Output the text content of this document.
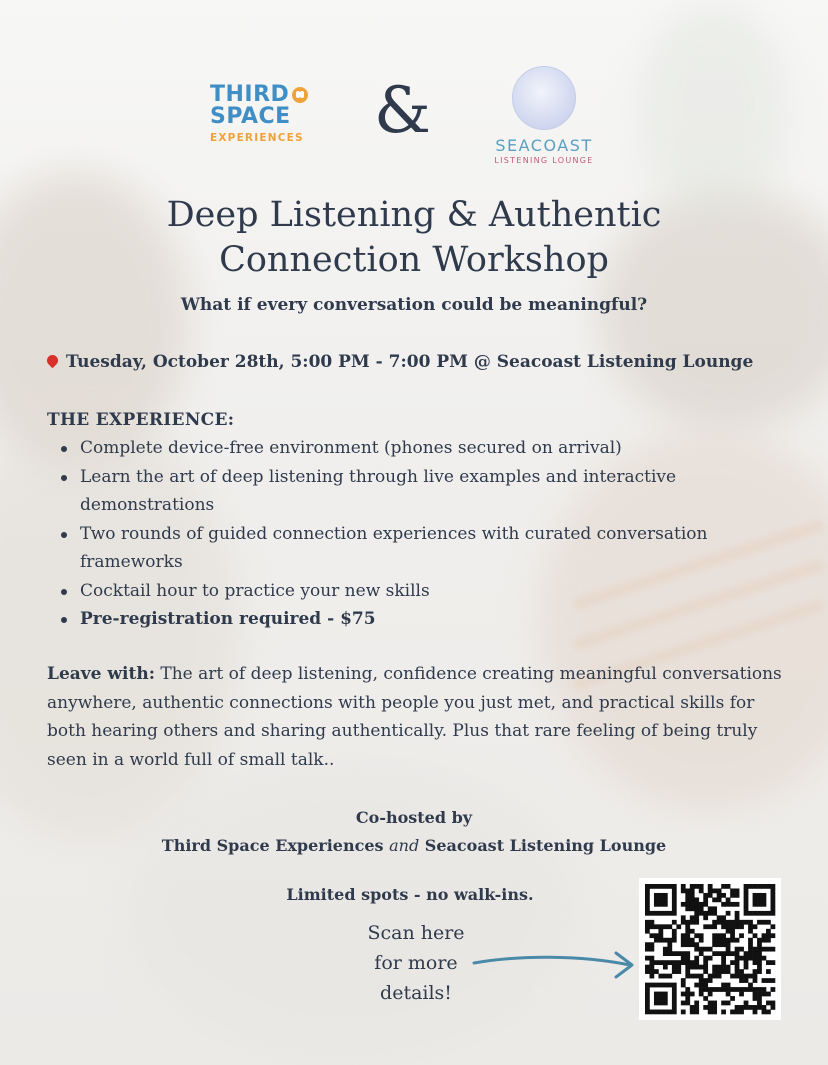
THIRD
SPACE
EXPERIENCES	&	SEACOAST
LISTENING LOUNGE
Deep Listening & Authentic
Connection Workshop
What if every conversation could be meaningful?
Tuesday, October 28th, 5:00 PM - 7:00 PM @ Seacoast Listening Lounge
THE EXPERIENCE:
Complete device-free environment (phones secured on arrival)
Learn the art of deep listening through live examples and interactive demonstrations
Two rounds of guided connection experiences with curated conversation frameworks
Cocktail hour to practice your new skills
Pre-registration required - $75
Leave with: The art of deep listening, confidence creating meaningful conversations anywhere, authentic connections with people you just met, and practical skills for both hearing others and sharing authentically. Plus that rare feeling of being truly seen in a world full of small talk..
Co-hosted by
Third Space Experiences and Seacoast Listening Lounge
Limited spots - no walk-ins.
Scan here
for more
details!
